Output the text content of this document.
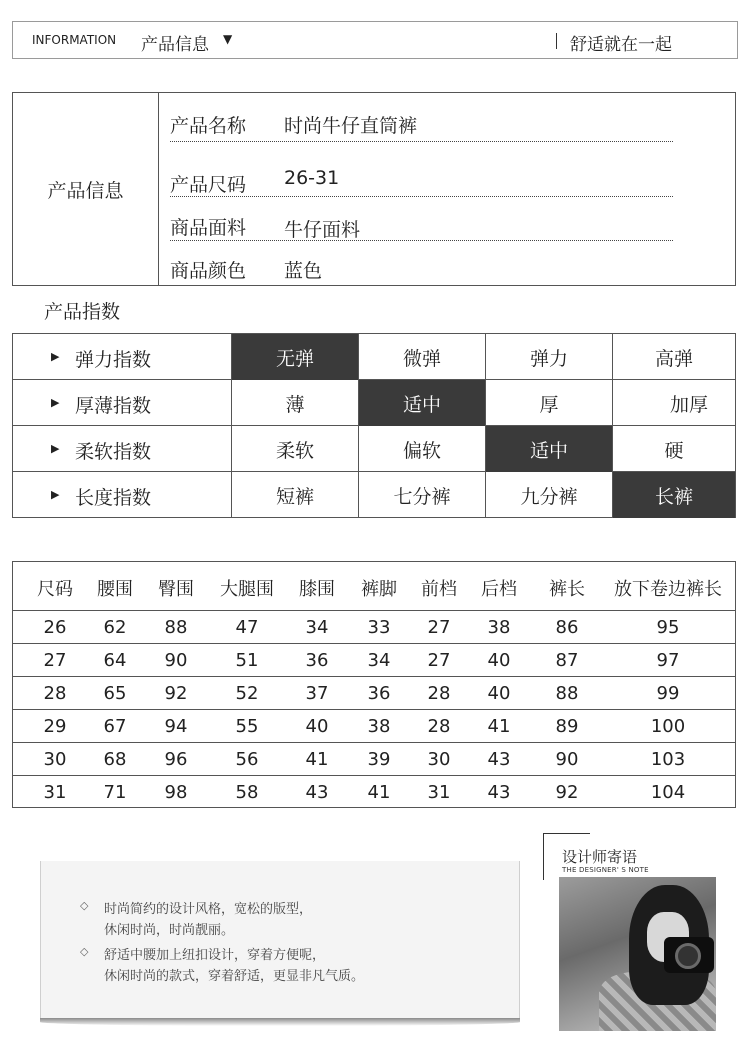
INFORMATION 产品信息 ▼	舒适就在一起
产品信息
产品名称 时尚牛仔直筒裤
产品尺码 26-31
商品面料 牛仔面料
商品颜色 蓝色
产品指数
▶ 弹力指数	无弹	微弹	弹力	高弹
▶ 厚薄指数	薄	适中	厚	加厚
▶ 柔软指数	柔软	偏软	适中	硬
▶ 长度指数	短裤	七分裤	九分裤	长裤
尺码	腰围	臀围	大腿围	膝围	裤脚	前档	后档	裤长	放下卷边裤长
26	62	88	47	34	33	27	38	86	95
27	64	90	51	36	34	27	40	87	97
28	65	92	52	37	36	28	40	88	99
29	67	94	55	40	38	28	41	89	100
30	68	96	56	41	39	30	43	90	103
31	71	98	58	43	41	31	43	92	104
◇ 时尚简约的设计风格，宽松的版型，
休闲时尚，时尚靓丽。
◇ 舒适中腰加上纽扣设计，穿着方便呢，
休闲时尚的款式，穿着舒适，更显非凡气质。
设计师寄语
THE DESIGNER' S NOTE
